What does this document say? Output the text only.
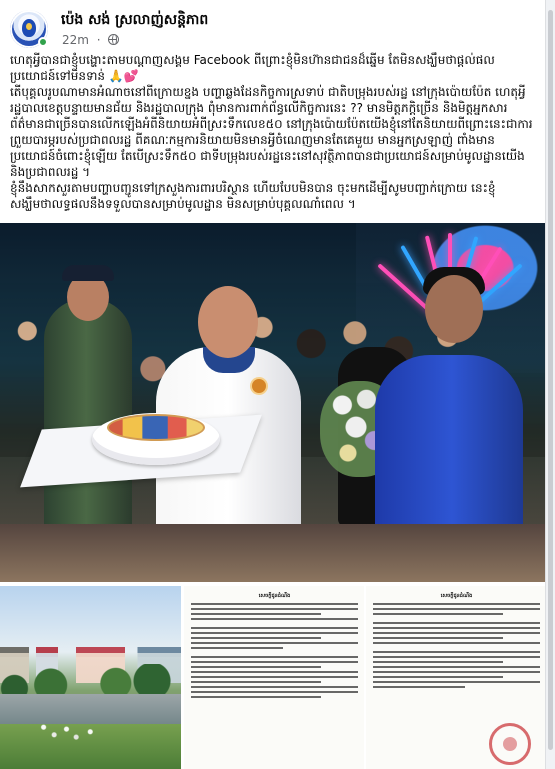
ប៉េង សង់ ស្រលាញ់សន្តិភាព
22m ·

ហេតុអ្វីបានជាខ្ញុំបង្ហោះតាមបណ្តាញសង្គម Facebook ពីព្រោះខ្ញុំមិនហ៊ានជាជនដ៏ឆ្នើម តែមិនសង្ឃឹមថាផ្ដល់ផលប្រយោជន៍ទៅមិនទាន់ 🙏💕

តើបុគ្គលរូបណាមានអំណាចនៅពីក្រោយខ្នង បញ្ហាឆ្លងដែនកិច្ចការស្រទាប់ ជាតិបម្រុងរបស់រដ្ឋ នៅក្រុងប៉ោយប៉ែត ហេតុអ្វីរដ្ឋបាលខេត្តបន្ទាយមានជ័យ និងរដ្ឋបាលក្រុង ពុំមានការពាក់ព័ន្ធលើកិច្ចការនេះ ?? មានមិត្តភក្តិច្រើន និងមិត្តអ្នកសារព័ត៌មានជាច្រើនបានលើកឡើងអំពីនិយាយអំពីស្រះទឹកលេខ៥០ នៅក្រុងប៉ោយប៉ែតយើងខ្ញុំនៅតែនិយាយពីព្រោះនេះជាការព្រួយបារម្ភរបស់ប្រជាពលរដ្ឋ ពីគណៈកម្មការនិយាយមិនមានអ្វីចំណេញមានតែគេមួយ មានអ្នកស្រឡាញ់ ពាំងមានប្រយោជន៍ចំពោះខ្ញុំឡើយ តែបើស្រះទឹក៥០ ជាទីបម្រុងរបស់រដ្ឋនេះនៅសុវត្ថិភាពបានជាប្រយោជន៍សម្រាប់មូលដ្ឋានយើង និងប្រជាពលរដ្ឋ ។

ខ្ញុំនឹងសាកសួរតាមបញ្ហាបញ្ជូនទៅក្រសួងការពារបរិស្ថាន ហើយបែបមិនបាន ចុះមកដើម្បីសូមបញ្ជាក់ក្រោយ នេះខ្ញុំសង្ឃឹមថាលទ្ធផលនឹងទទួលបានសម្រាប់មូលដ្ឋាន មិនសម្រាប់បុគ្គលណាំពេល ។

សេចក្តីជូនដំណឹង	សេចក្តីជូនដំណឹង
